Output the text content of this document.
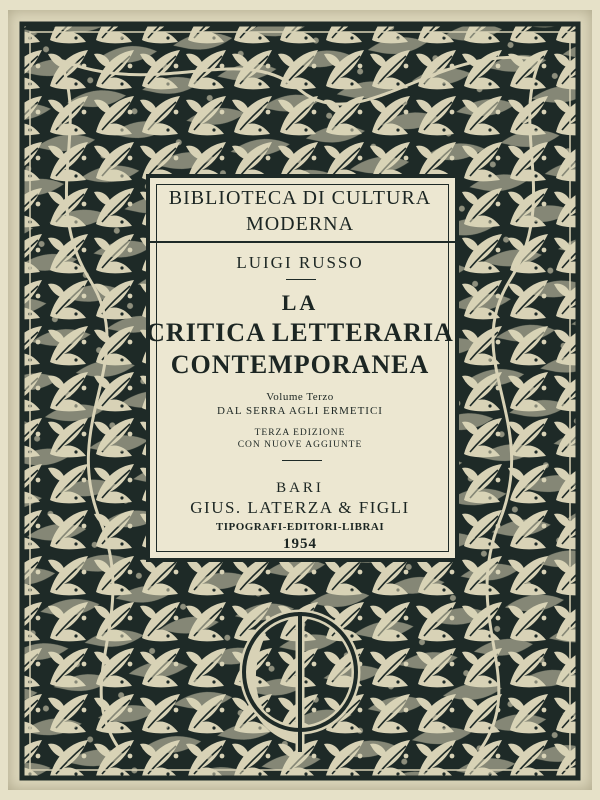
BIBLIOTECA DI CULTURA
MODERNA
LUIGI RUSSO
LA
CRITICA LETTERARIA
CONTEMPORANEA
Volume Terzo
DAL SERRA AGLI ERMETICI
TERZA EDIZIONE
CON NUOVE AGGIUNTE
BARI
GIUS. LATERZA & FIGLI
TIPOGRAFI-EDITORI-LIBRAI
1954
